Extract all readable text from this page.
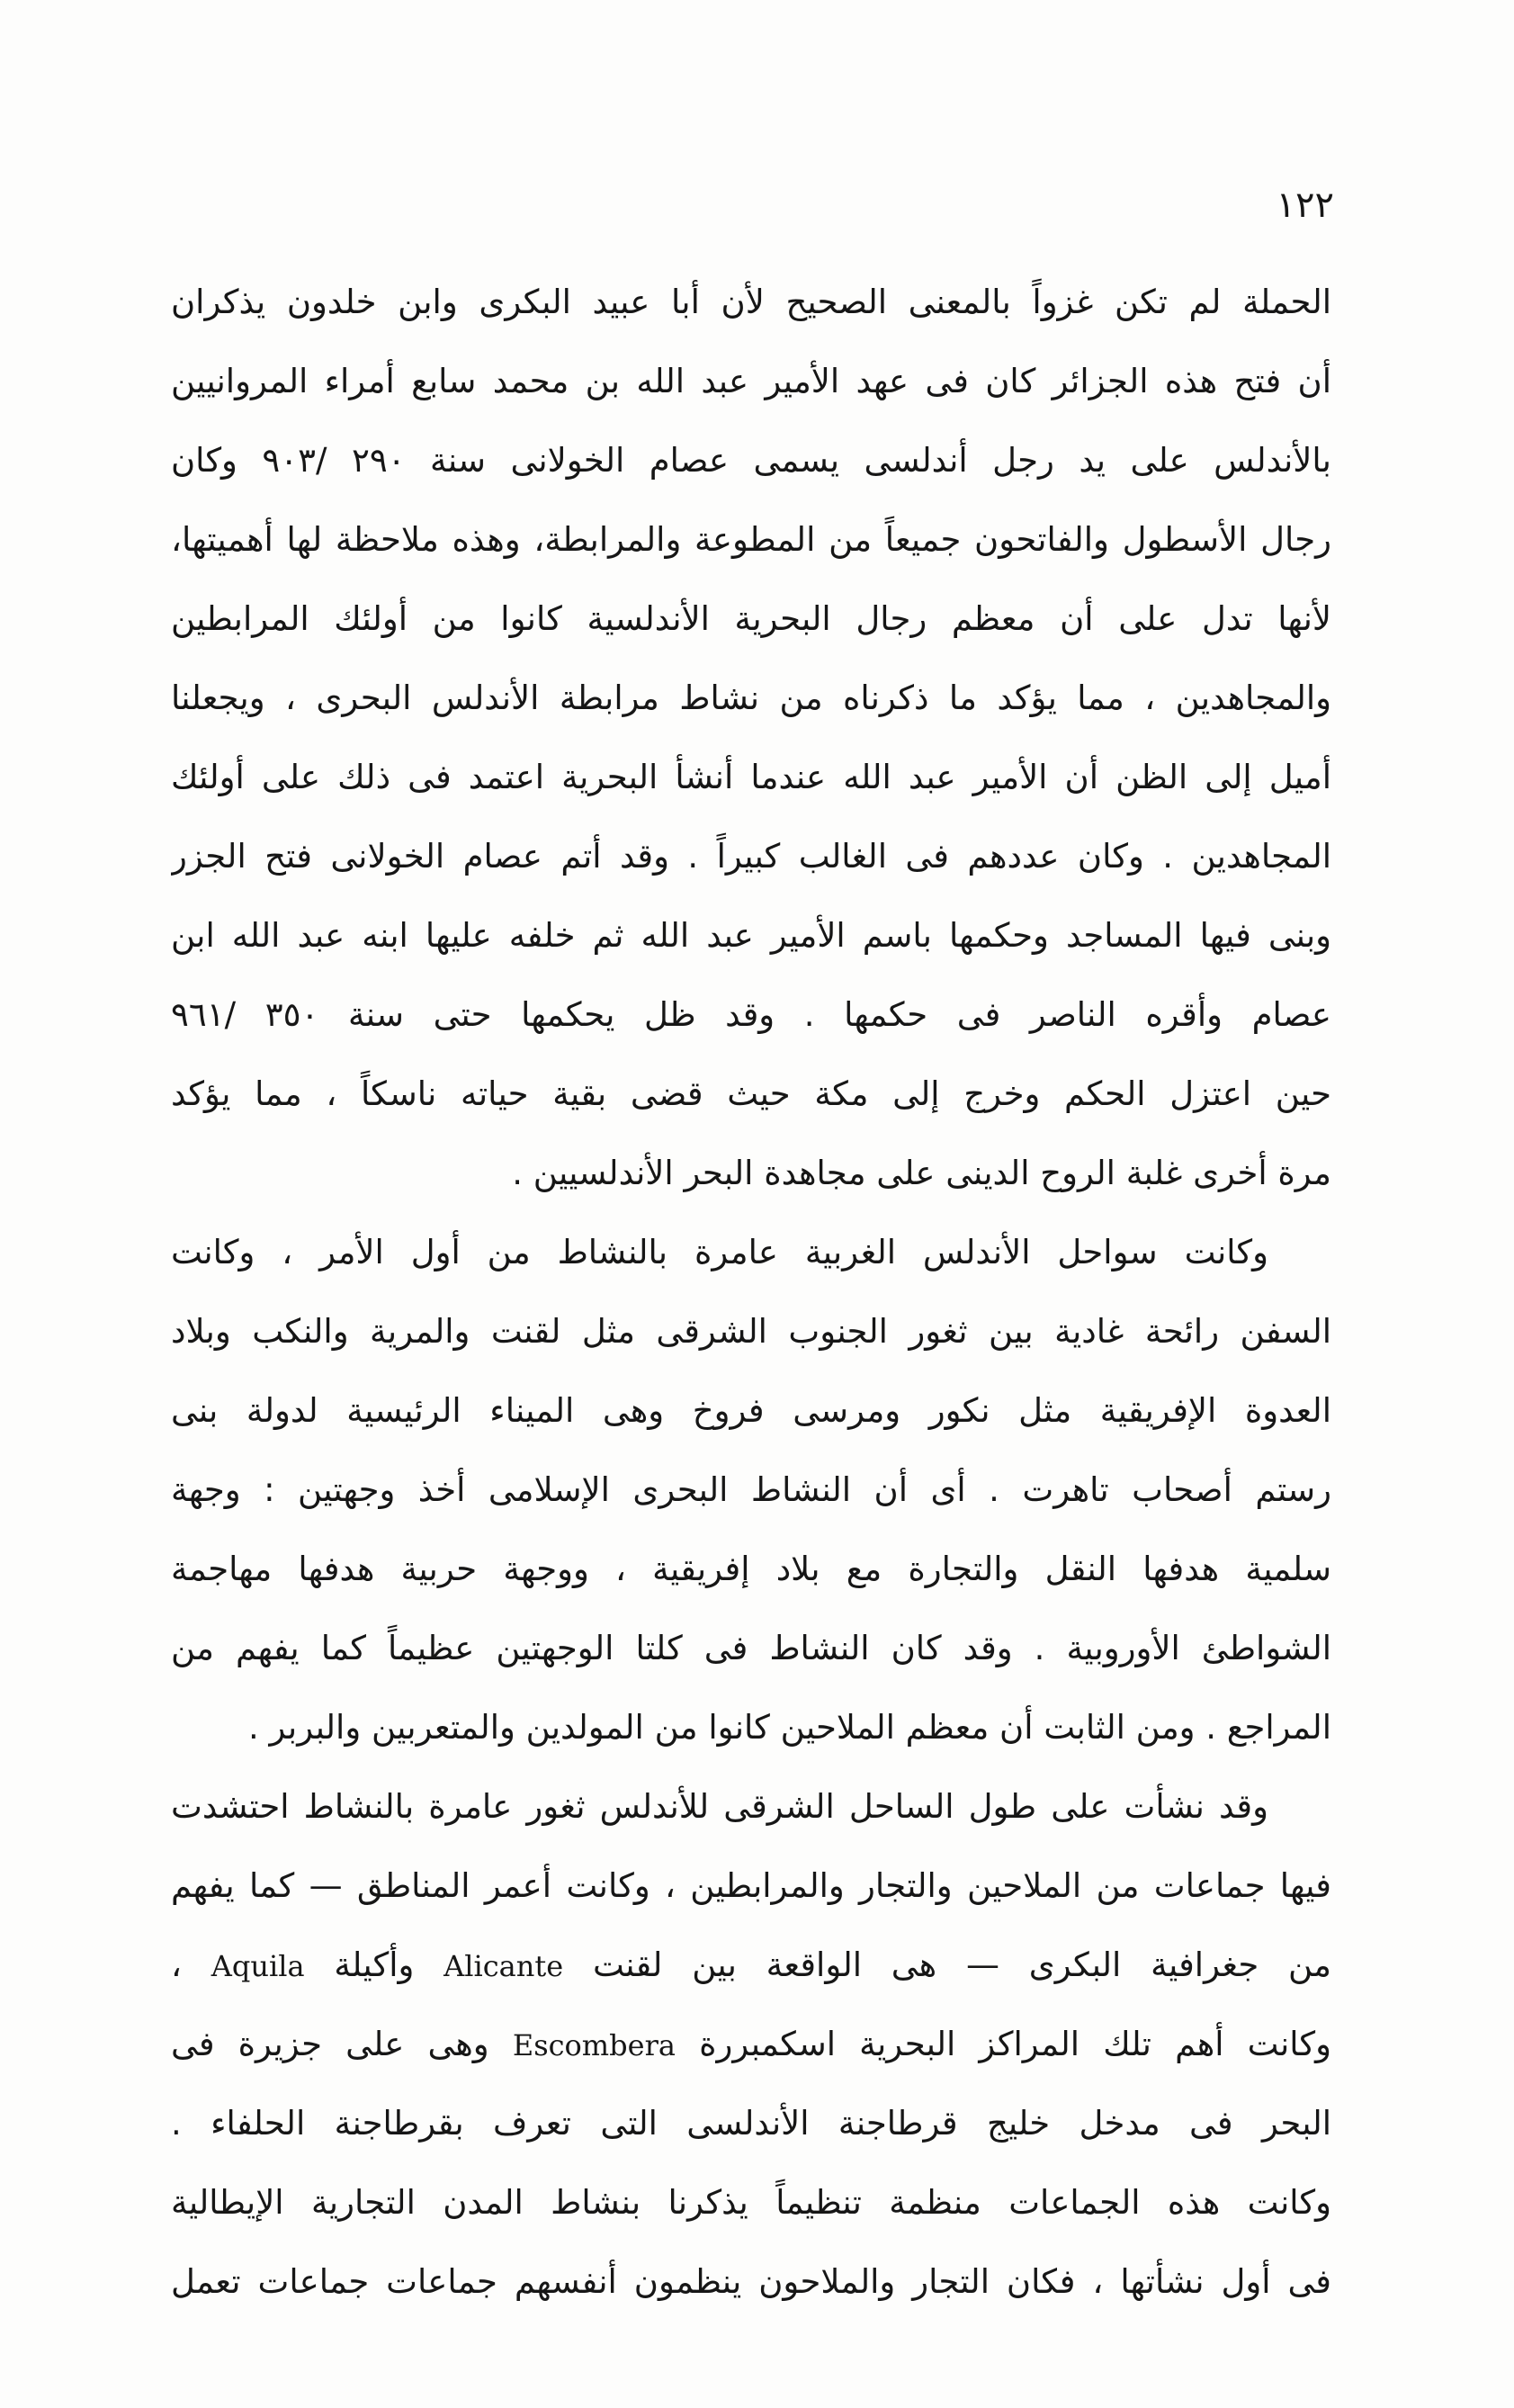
١٢٢
الحملة لم تكن غزواً بالمعنى الصحيح لأن أبا عبيد البكرى وابن خلدون يذكران
أن فتح هذه الجزائر كان فى عهد الأمير عبد الله بن محمد سابع أمراء المروانيين
بالأندلس على يد رجل أندلسى يسمى عصام الخولانى سنة ٢٩٠ /٩٠٣ وكان
رجال الأسطول والفاتحون جميعاً من المطوعة والمرابطة، وهذه ملاحظة لها أهميتها،
لأنها تدل على أن معظم رجال البحرية الأندلسية كانوا من أولئك المرابطين
والمجاهدين ، مما يؤكد ما ذكرناه من نشاط مرابطة الأندلس البحرى ، ويجعلنا
أميل إلى الظن أن الأمير عبد الله عندما أنشأ البحرية اعتمد فى ذلك على أولئك
المجاهدين . وكان عددهم فى الغالب كبيراً . وقد أتم عصام الخولانى فتح الجزر
وبنى فيها المساجد وحكمها باسم الأمير عبد الله ثم خلفه عليها ابنه عبد الله ابن
عصام وأقره الناصر فى حكمها . وقد ظل يحكمها حتى سنة ٣٥٠ /٩٦١
حين اعتزل الحكم وخرج إلى مكة حيث قضى بقية حياته ناسكاً ، مما يؤكد
مرة أخرى غلبة الروح الدينى على مجاهدة البحر الأندلسيين .
وكانت سواحل الأندلس الغربية عامرة بالنشاط من أول الأمر ، وكانت
السفن رائحة غادية بين ثغور الجنوب الشرقى مثل لقنت والمرية والنكب وبلاد
العدوة الإفريقية مثل نكور ومرسى فروخ وهى الميناء الرئيسية لدولة بنى
رستم أصحاب تاهرت . أى أن النشاط البحرى الإسلامى أخذ وجهتين : وجهة
سلمية هدفها النقل والتجارة مع بلاد إفريقية ، ووجهة حربية هدفها مهاجمة
الشواطئ الأوروبية . وقد كان النشاط فى كلتا الوجهتين عظيماً كما يفهم من
المراجع . ومن الثابت أن معظم الملاحين كانوا من المولدين والمتعربين والبربر .
وقد نشأت على طول الساحل الشرقى للأندلس ثغور عامرة بالنشاط احتشدت
فيها جماعات من الملاحين والتجار والمرابطين ، وكانت أعمر المناطق — كما يفهم
من جغرافية البكرى — هى الواقعة بين لقنت Alicante وأكيلة Aquila ،
وكانت أهم تلك المراكز البحرية اسكمبررة Escombera وهى على جزيرة فى
البحر فى مدخل خليج قرطاجنة الأندلسى التى تعرف بقرطاجنة الحلفاء .
وكانت هذه الجماعات منظمة تنظيماً يذكرنا بنشاط المدن التجارية الإيطالية
فى أول نشأتها ، فكان التجار والملاحون ينظمون أنفسهم جماعات جماعات تعمل
